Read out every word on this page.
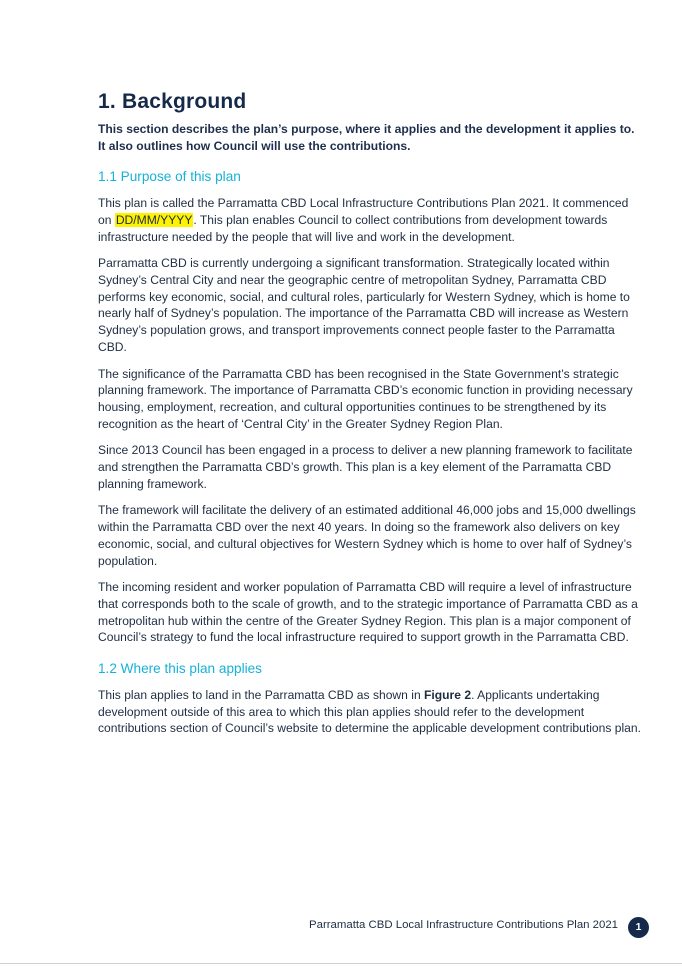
1. Background

This section describes the plan’s purpose, where it applies and the development it applies to. It also outlines how Council will use the contributions.

1.1 Purpose of this plan

This plan is called the Parramatta CBD Local Infrastructure Contributions Plan 2021. It commenced on DD/MM/YYYY. This plan enables Council to collect contributions from development towards infrastructure needed by the people that will live and work in the development.

Parramatta CBD is currently undergoing a significant transformation. Strategically located within Sydney’s Central City and near the geographic centre of metropolitan Sydney, Parramatta CBD performs key economic, social, and cultural roles, particularly for Western Sydney, which is home to nearly half of Sydney’s population. The importance of the Parramatta CBD will increase as Western Sydney’s population grows, and transport improvements connect people faster to the Parramatta CBD.

The significance of the Parramatta CBD has been recognised in the State Government’s strategic planning framework. The importance of Parramatta CBD’s economic function in providing necessary housing, employment, recreation, and cultural opportunities continues to be strengthened by its recognition as the heart of ‘Central City’ in the Greater Sydney Region Plan.

Since 2013 Council has been engaged in a process to deliver a new planning framework to facilitate and strengthen the Parramatta CBD’s growth. This plan is a key element of the Parramatta CBD planning framework.

The framework will facilitate the delivery of an estimated additional 46,000 jobs and 15,000 dwellings within the Parramatta CBD over the next 40 years. In doing so the framework also delivers on key economic, social, and cultural objectives for Western Sydney which is home to over half of Sydney’s population.

The incoming resident and worker population of Parramatta CBD will require a level of infrastructure that corresponds both to the scale of growth, and to the strategic importance of Parramatta CBD as a metropolitan hub within the centre of the Greater Sydney Region. This plan is a major component of Council’s strategy to fund the local infrastructure required to support growth in the Parramatta CBD.

1.2 Where this plan applies

This plan applies to land in the Parramatta CBD as shown in Figure 2. Applicants undertaking development outside of this area to which this plan applies should refer to the development contributions section of Council’s website to determine the applicable development contributions plan.

Parramatta CBD Local Infrastructure Contributions Plan 2021	1
